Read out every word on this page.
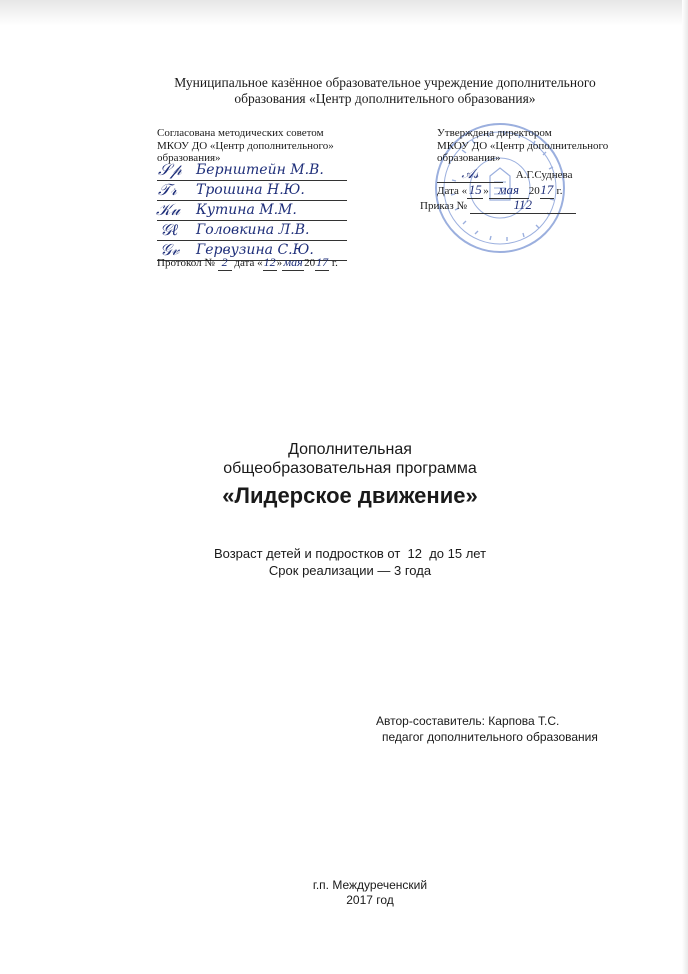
Муниципальное казённое образовательное учреждение дополнительного
образования «Центр дополнительного образования»
Согласована методических советом
МКОУ ДО «Центр дополнительного»
образования»
𝒮𝓅
𝒯𝓇
𝒦𝓊
𝒢ℓ
𝒢𝓋
Бернштейн М.В.
Трошина Н.Ю.
Кутина М.М.
Головкина Л.В.
Гервузина С.Ю.
Протокол № 2 дата «12»мая2017 г.
Утверждена директором
МКОУ ДО «Центр дополнительного
образования»
𝒜𝓈	А.Г.Суднева
Дата « 15 » мая 2017 г.
Приказ №	112
Дополнительная
общеобразовательная программа
«Лидерское движение»
Возраст детей и подростков от  12  до 15 лет
Срок реализации — 3 года
Автор-составитель: Карпова Т.С.
педагог дополнительного образования
г.п. Междуреченский
2017 год
